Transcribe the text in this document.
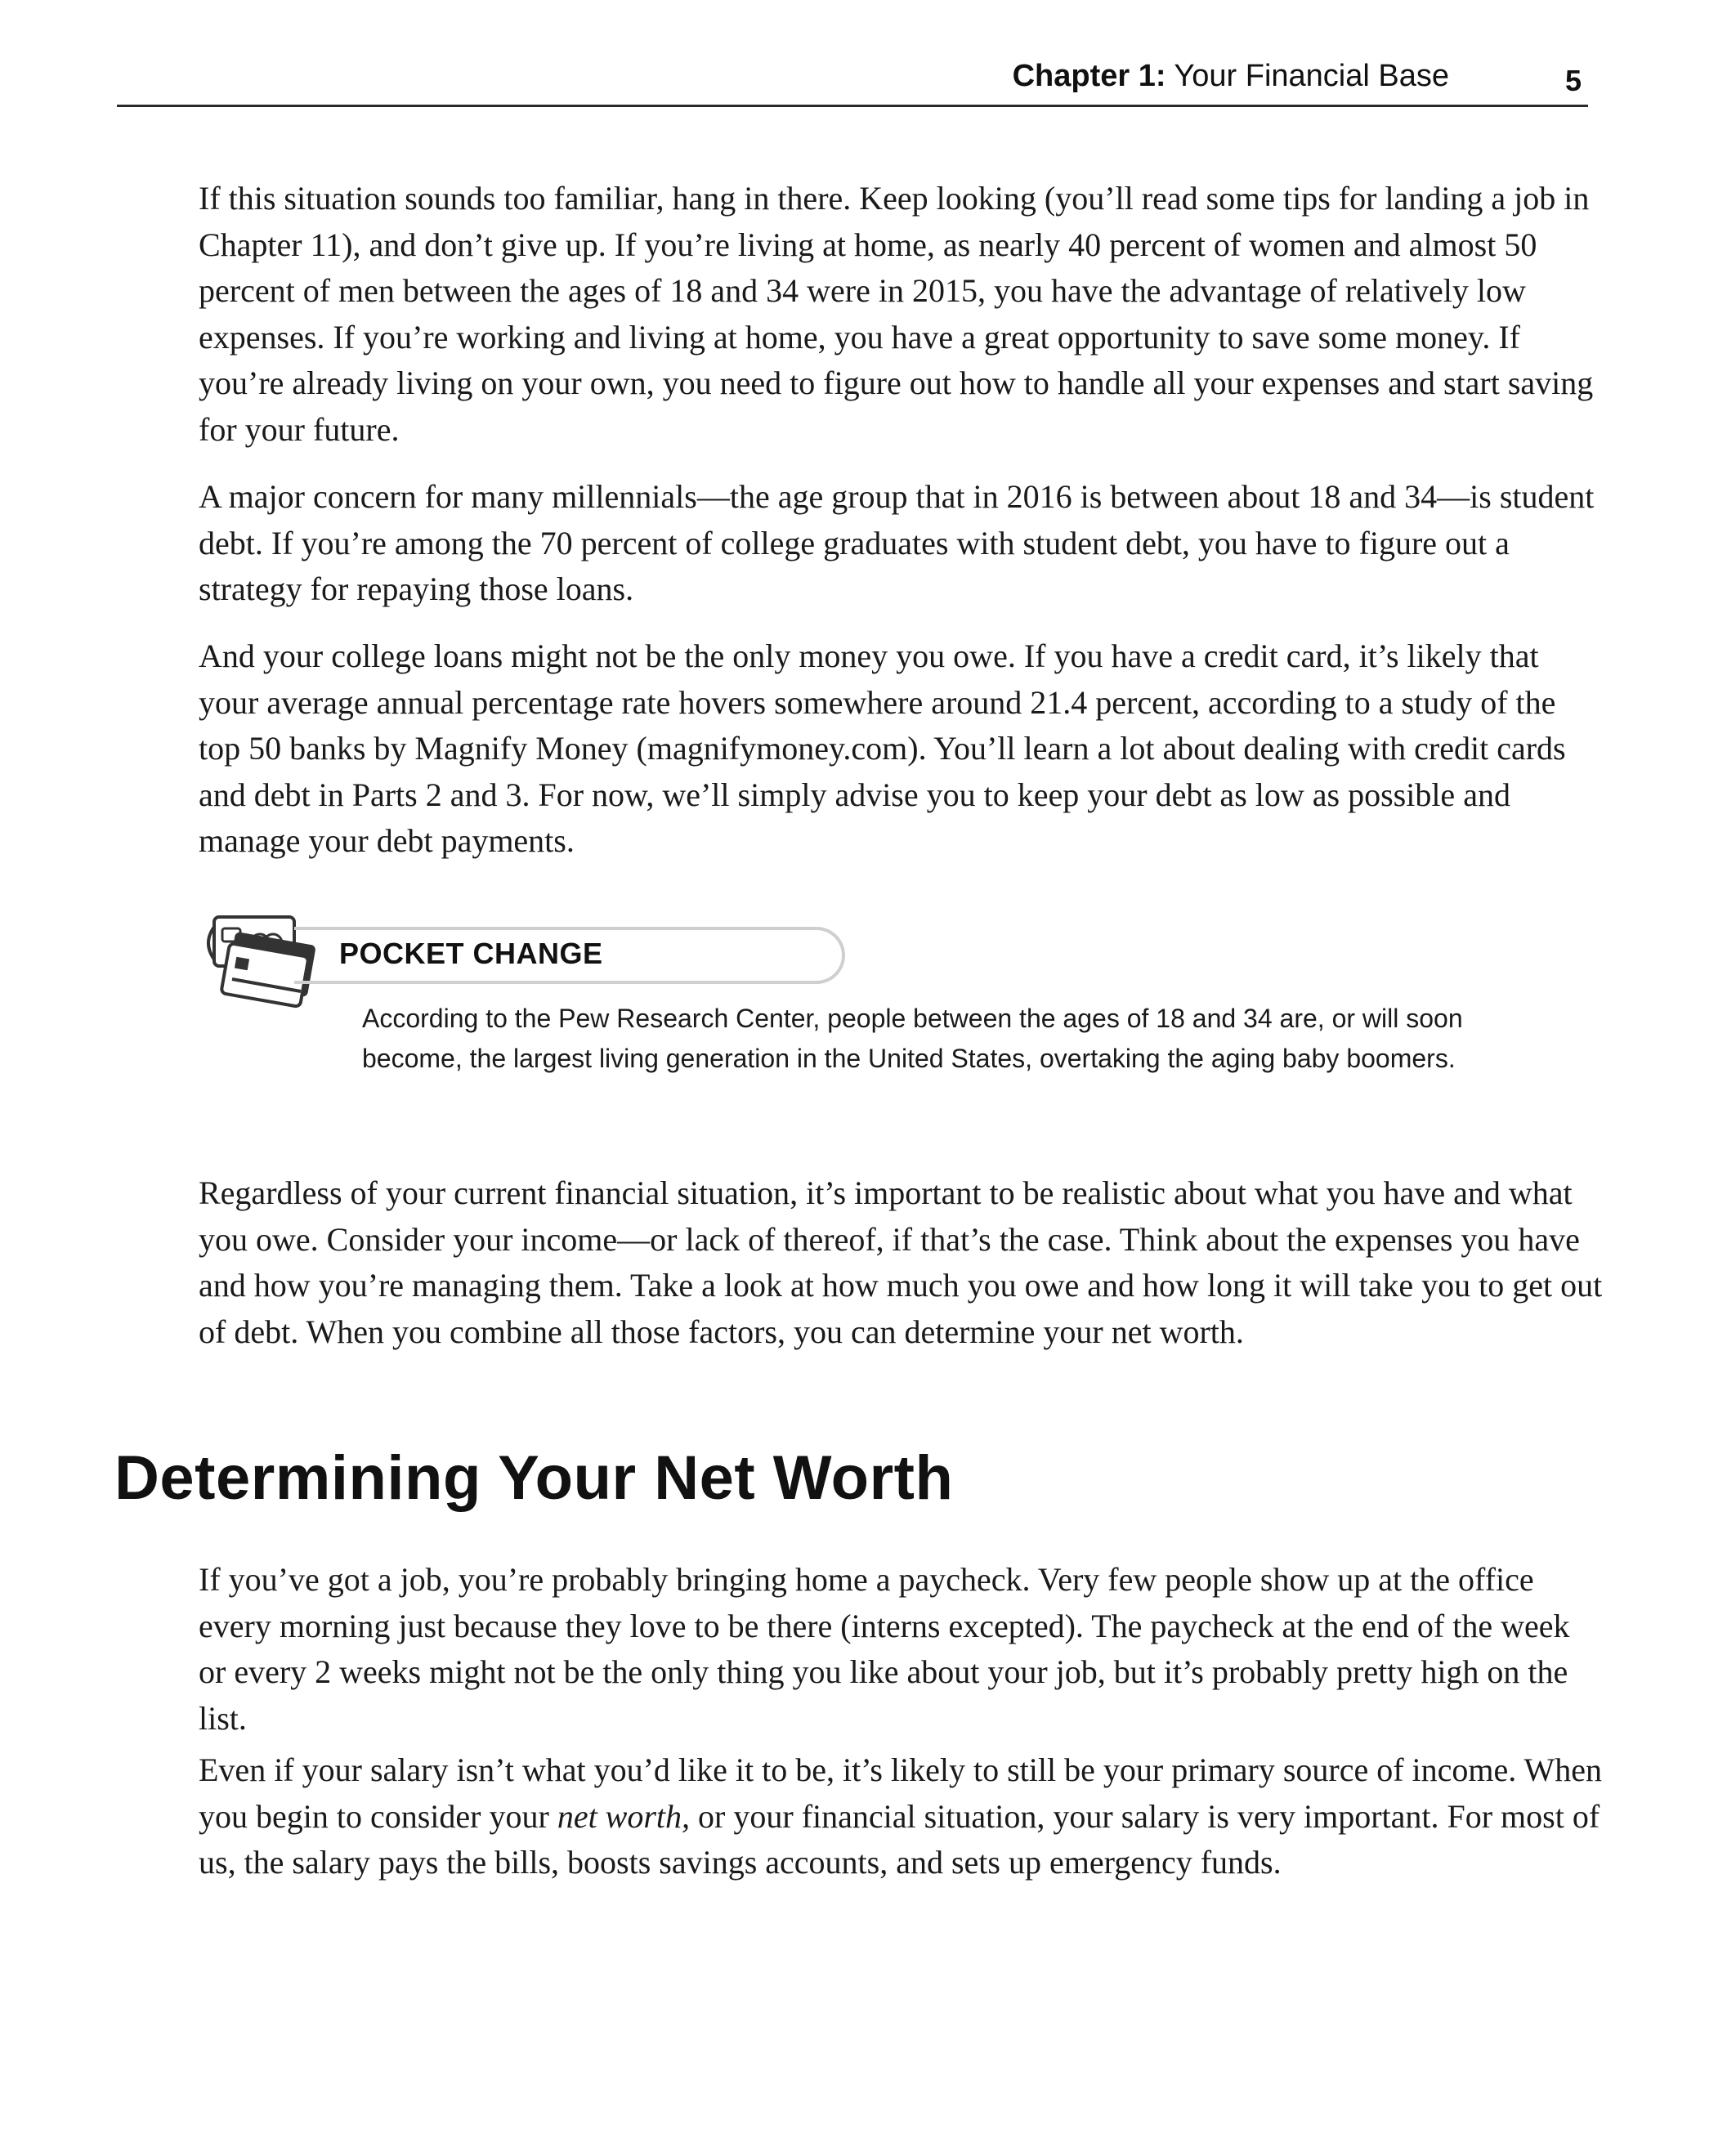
Chapter 1: Your Financial Base	5

If this situation sounds too familiar, hang in there. Keep looking (you’ll read some tips for landing a job in Chapter 11), and don’t give up. If you’re living at home, as nearly 40 percent of women and almost 50 percent of men between the ages of 18 and 34 were in 2015, you have the advantage of relatively low expenses. If you’re working and living at home, you have a great opportunity to save some money. If you’re already living on your own, you need to figure out how to handle all your expenses and start saving for your future.

A major concern for many millennials—the age group that in 2016 is between about 18 and 34—is student debt. If you’re among the 70 percent of college graduates with student debt, you have to figure out a strategy for repaying those loans.

And your college loans might not be the only money you owe. If you have a credit card, it’s likely that your average annual percentage rate hovers somewhere around 21.4 percent, according to a study of the top 50 banks by Magnify Money (magnifymoney.com). You’ll learn a lot about dealing with credit cards and debt in Parts 2 and 3. For now, we’ll simply advise you to keep your debt as low as possible and manage your debt payments.

POCKET CHANGE

According to the Pew Research Center, people between the ages of 18 and 34 are, or will soon become, the largest living generation in the United States, overtaking the aging baby boomers.

Regardless of your current financial situation, it’s important to be realistic about what you have and what you owe. Consider your income—or lack of thereof, if that’s the case. Think about the expenses you have and how you’re managing them. Take a look at how much you owe and how long it will take you to get out of debt. When you combine all those factors, you can determine your net worth.

Determining Your Net Worth

If you’ve got a job, you’re probably bringing home a paycheck. Very few people show up at the office every morning just because they love to be there (interns excepted). The paycheck at the end of the week or every 2 weeks might not be the only thing you like about your job, but it’s probably pretty high on the list.

Even if your salary isn’t what you’d like it to be, it’s likely to still be your primary source of income. When you begin to consider your net worth, or your financial situation, your salary is very important. For most of us, the salary pays the bills, boosts savings accounts, and sets up emergency funds.
